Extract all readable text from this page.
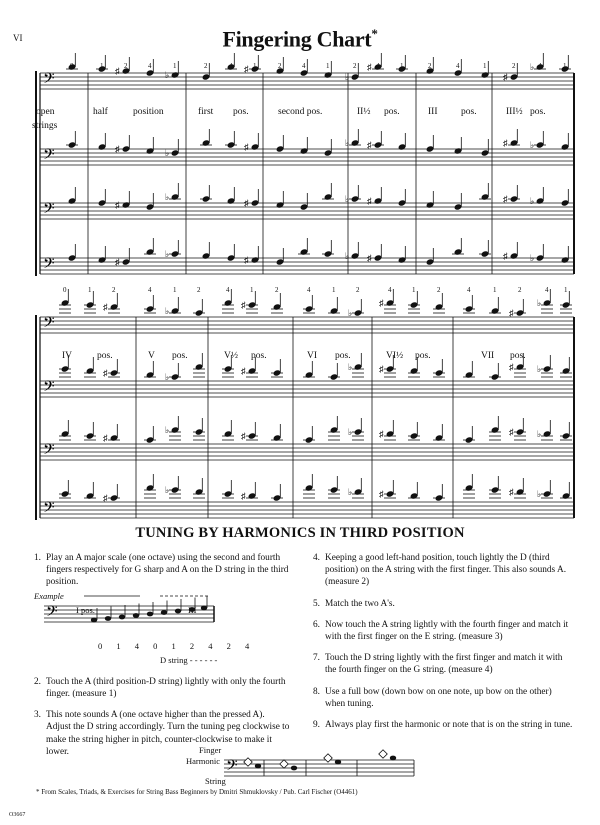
VI	Fingering Chart*
𝄢
𝄢
𝄢
𝄢
𝄢
𝄢
𝄢
𝄢
♯	♭
♯
♭
♯
♯
♭
♯	♭
♯	♭ ♯	♯	♭
♯
♭
♯	♭ ♯	♯	♭
♯
♭
♯	♭ ♯	♯	♭
♯	♭
♯
♭
♯
♯
♭
♯	♭
♯	♭	♯	♯	♭
♯
♭
♯	♭	♯	♯	♭
♯
♭
♯	♭	♯	♯	♭
𝄢
𝄢
open
strings
half	position	first pos.	second pos.	II½ pos.	III pos.	III½ pos.
IV	pos.	V pos.	V½ pos.	VI pos.	VI½ pos.	VII pos.
0	1	2	4	1	2	4	1	2	4	1	2	4	1	2	4	1	2	4	1
0	1	2	4	1	2	4	1	2	4	1	2	4	1	2	4	1	2	4 1
TUNING BY HARMONICS IN THIRD POSITION
1. Play an A major scale (one octave) using the second and fourth fingers respectively for G sharp and A on the D string in the third position.
Example
I pos.	III
0 1 4 0 1 2 4 2 4
D string - - - - - -
2. Touch the A (third position-D string) lightly with only the fourth finger. (measure 1)
3. This note sounds A (one octave higher than the pressed A). Adjust the D string accordingly. Turn the tuning peg clockwise to make the string higher in pitch, counter-clockwise to make it lower.
4. Keeping a good left-hand position, touch lightly the D (third position) on the A string with the first finger. This also sounds A. (measure 2)
5. Match the two A's.
6. Now touch the A string lightly with the fourth finger and match it with the first finger on the E string. (measure 3)
7. Touch the D string lightly with the first finger and match it with the fourth finger on the G string. (measure 4)
8. Use a full bow (down bow on one note, up bow on the other) when tuning.
9. Always play first the harmonic or note that is on the string in tune.
Finger
Harmonic
String
* From Scales, Triads, & Exercises for String Bass Beginners by Dmitri Shmuklovsky / Pub. Carl Fischer (O4461)
O3667
